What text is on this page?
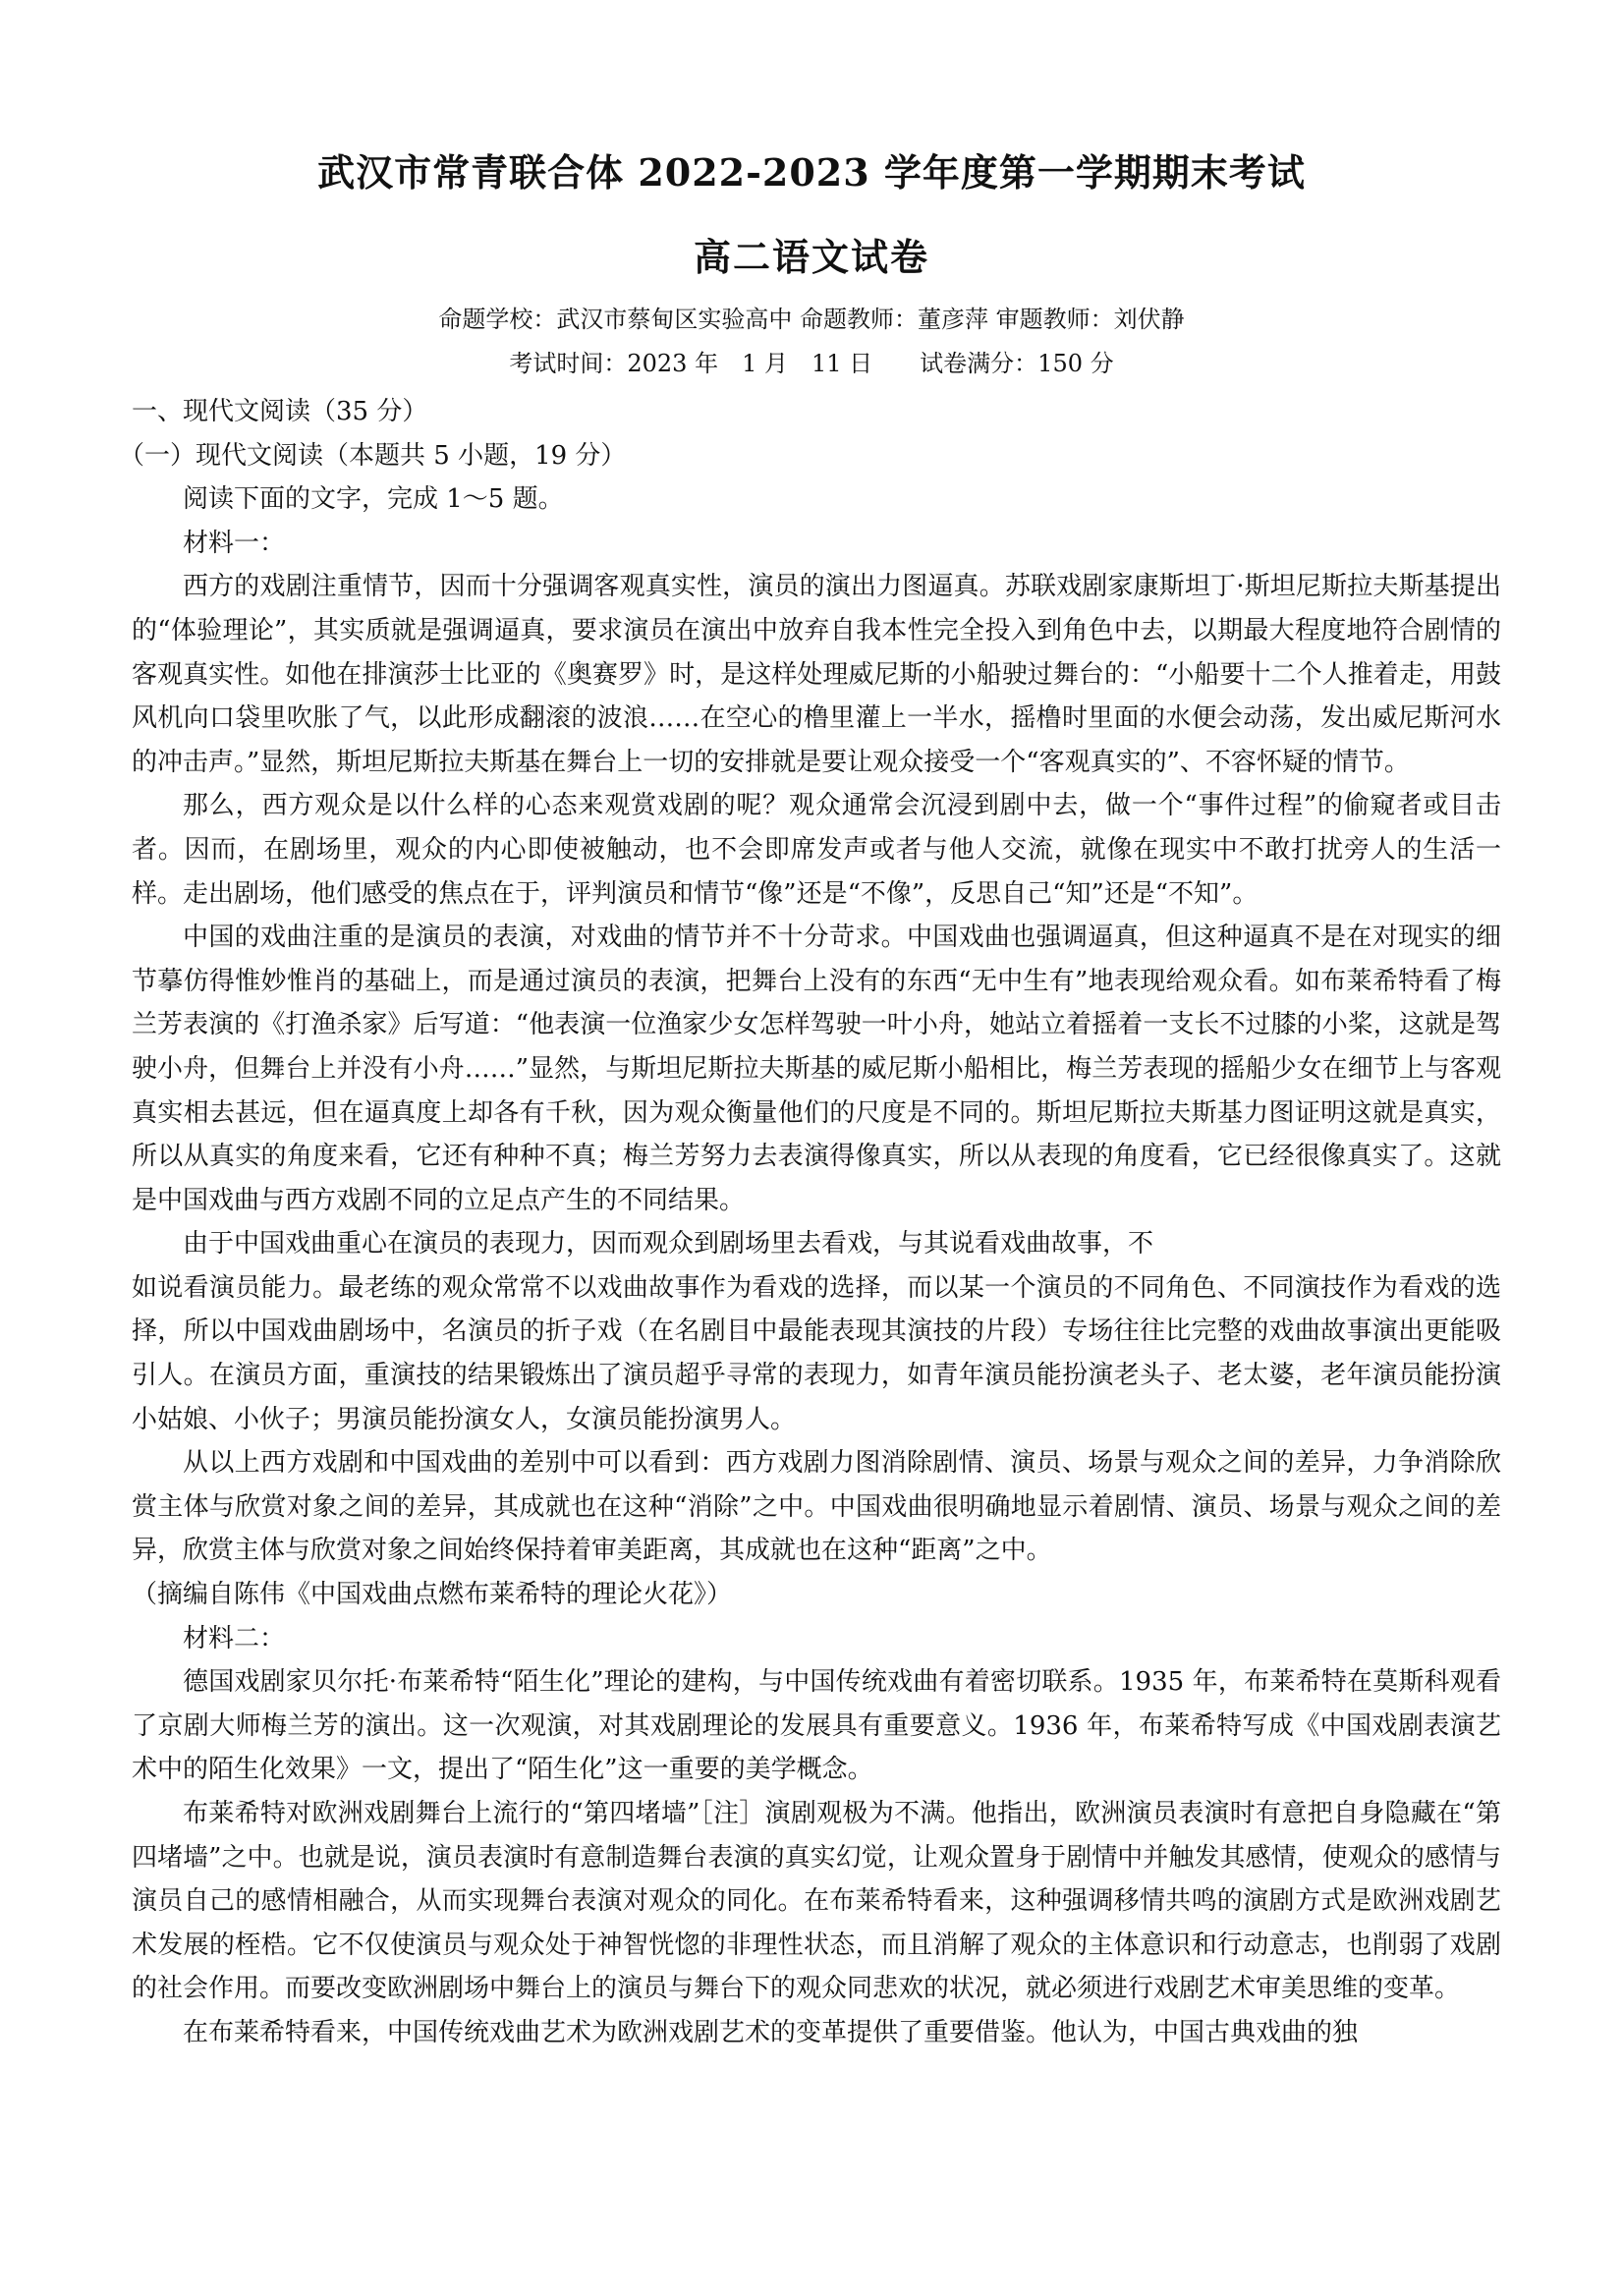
武汉市常青联合体 2022-2023 学年度第一学期期末考试
高二语文试卷
命题学校：武汉市蔡甸区实验高中 命题教师：董彦萍 审题教师：刘伏静
考试时间：2023 年 1 月 11 日 试卷满分：150 分

一、现代文阅读（35 分）

（一）现代文阅读（本题共 5 小题，19 分）

阅读下面的文字，完成 1～5 题。

材料一：

西方的戏剧注重情节，因而十分强调客观真实性，演员的演出力图逼真。苏联戏剧家康斯坦丁·斯坦尼斯拉夫斯基提出的“体验理论”，其实质就是强调逼真，要求演员在演出中放弃自我本性完全投入到角色中去，以期最大程度地符合剧情的客观真实性。如他在排演莎士比亚的《奥赛罗》时，是这样处理威尼斯的小船驶过舞台的：“小船要十二个人推着走，用鼓风机向口袋里吹胀了气，以此形成翻滚的波浪……在空心的橹里灌上一半水，摇橹时里面的水便会动荡，发出威尼斯河水的冲击声。”显然，斯坦尼斯拉夫斯基在舞台上一切的安排就是要让观众接受一个“客观真实的”、不容怀疑的情节。

那么，西方观众是以什么样的心态来观赏戏剧的呢？观众通常会沉浸到剧中去，做一个“事件过程”的偷窥者或目击者。因而，在剧场里，观众的内心即使被触动，也不会即席发声或者与他人交流，就像在现实中不敢打扰旁人的生活一样。走出剧场，他们感受的焦点在于，评判演员和情节“像”还是“不像”，反思自己“知”还是“不知”。

中国的戏曲注重的是演员的表演，对戏曲的情节并不十分苛求。中国戏曲也强调逼真，但这种逼真不是在对现实的细节摹仿得惟妙惟肖的基础上，而是通过演员的表演，把舞台上没有的东西“无中生有”地表现给观众看。如布莱希特看了梅兰芳表演的《打渔杀家》后写道：“他表演一位渔家少女怎样驾驶一叶小舟，她站立着摇着一支长不过膝的小桨，这就是驾驶小舟，但舞台上并没有小舟……”显然，与斯坦尼斯拉夫斯基的威尼斯小船相比，梅兰芳表现的摇船少女在细节上与客观真实相去甚远，但在逼真度上却各有千秋，因为观众衡量他们的尺度是不同的。斯坦尼斯拉夫斯基力图证明这就是真实，所以从真实的角度来看，它还有种种不真；梅兰芳努力去表演得像真实，所以从表现的角度看，它已经很像真实了。这就是中国戏曲与西方戏剧不同的立足点产生的不同结果。

由于中国戏曲重心在演员的表现力，因而观众到剧场里去看戏，与其说看戏曲故事，不

如说看演员能力。最老练的观众常常不以戏曲故事作为看戏的选择，而以某一个演员的不同角色、不同演技作为看戏的选择，所以中国戏曲剧场中，名演员的折子戏（在名剧目中最能表现其演技的片段）专场往往比完整的戏曲故事演出更能吸引人。在演员方面，重演技的结果锻炼出了演员超乎寻常的表现力，如青年演员能扮演老头子、老太婆，老年演员能扮演小姑娘、小伙子；男演员能扮演女人，女演员能扮演男人。

从以上西方戏剧和中国戏曲的差别中可以看到：西方戏剧力图消除剧情、演员、场景与观众之间的差异，力争消除欣赏主体与欣赏对象之间的差异，其成就也在这种“消除”之中。中国戏曲很明确地显示着剧情、演员、场景与观众之间的差异，欣赏主体与欣赏对象之间始终保持着审美距离，其成就也在这种“距离”之中。

（摘编自陈伟《中国戏曲点燃布莱希特的理论火花》）

材料二：

德国戏剧家贝尔托·布莱希特“陌生化”理论的建构，与中国传统戏曲有着密切联系。1935 年，布莱希特在莫斯科观看了京剧大师梅兰芳的演出。这一次观演，对其戏剧理论的发展具有重要意义。1936 年，布莱希特写成《中国戏剧表演艺术中的陌生化效果》一文，提出了“陌生化”这一重要的美学概念。

布莱希特对欧洲戏剧舞台上流行的“第四堵墙”［注］演剧观极为不满。他指出，欧洲演员表演时有意把自身隐藏在“第四堵墙”之中。也就是说，演员表演时有意制造舞台表演的真实幻觉，让观众置身于剧情中并触发其感情，使观众的感情与演员自己的感情相融合，从而实现舞台表演对观众的同化。在布莱希特看来，这种强调移情共鸣的演剧方式是欧洲戏剧艺术发展的桎梏。它不仅使演员与观众处于神智恍惚的非理性状态，而且消解了观众的主体意识和行动意志，也削弱了戏剧的社会作用。而要改变欧洲剧场中舞台上的演员与舞台下的观众同悲欢的状况，就必须进行戏剧艺术审美思维的变革。

在布莱希特看来，中国传统戏曲艺术为欧洲戏剧艺术的变革提供了重要借鉴。他认为，中国古典戏曲的独
